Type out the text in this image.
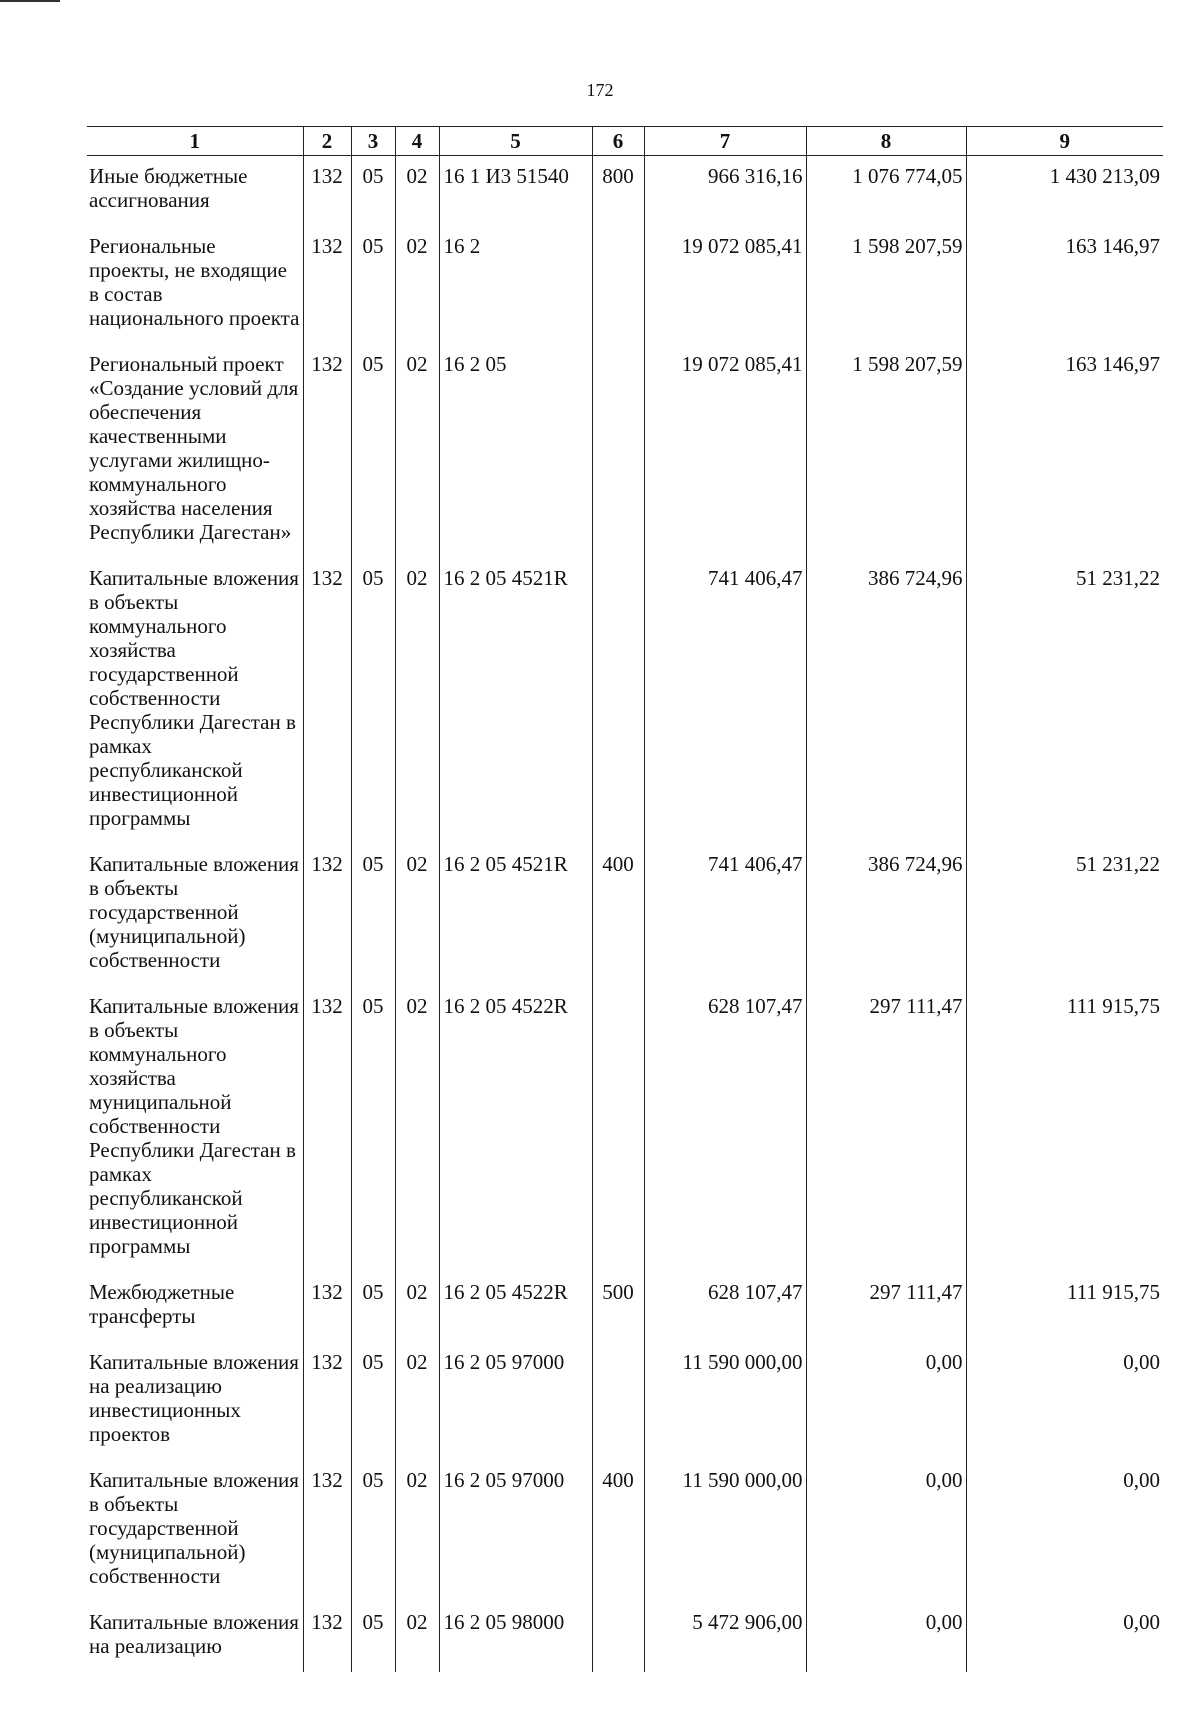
172
1	2	3	4	5	6	7	8	9
Иные бюджетные ассигнования	132	05	02	16 1 И3 51540	800	966 316,16	1 076 774,05	1 430 213,09
Региональные проекты, не входящие в состав национального проекта	132	05	02	16 2		19 072 085,41	1 598 207,59	163 146,97
Региональный проект «Создание условий для обеспечения качественными услугами жилищно-коммунального хозяйства населения Республики Дагестан»	132	05	02	16 2 05		19 072 085,41	1 598 207,59	163 146,97
Капитальные вложения в объекты коммунального хозяйства государственной собственности Республики Дагестан в рамках республиканской инвестиционной программы	132	05	02	16 2 05 4521R		741 406,47	386 724,96	51 231,22
Капитальные вложения в объекты государственной (муниципальной) собственности	132	05	02	16 2 05 4521R	400	741 406,47	386 724,96	51 231,22
Капитальные вложения в объекты коммунального хозяйства муниципальной собственности Республики Дагестан в рамках республиканской инвестиционной программы	132	05	02	16 2 05 4522R		628 107,47	297 111,47	111 915,75
Межбюджетные трансферты	132	05	02	16 2 05 4522R	500	628 107,47	297 111,47	111 915,75
Капитальные вложения на реализацию инвестиционных проектов	132	05	02	16 2 05 97000		11 590 000,00	0,00	0,00
Капитальные вложения в объекты государственной (муниципальной) собственности	132	05	02	16 2 05 97000	400	11 590 000,00	0,00	0,00
Капитальные вложения на реализацию	132	05	02	16 2 05 98000		5 472 906,00	0,00	0,00
